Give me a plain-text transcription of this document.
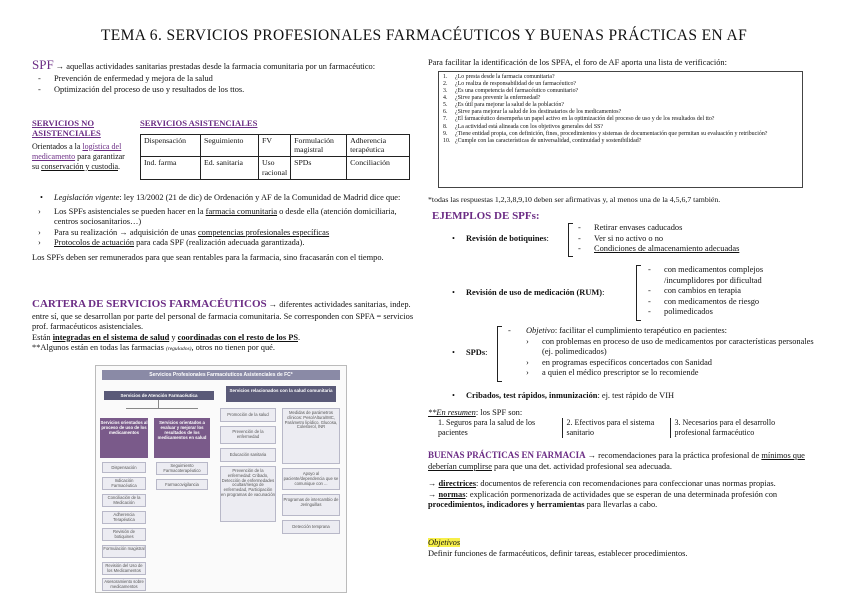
TEMA 6. SERVICIOS PROFESIONALES FARMACÉUTICOS Y BUENAS PRÁCTICAS EN AF
SPF → aquellas actividades sanitarias prestadas desde la farmacia comunitaria por un farmacéutico:
- Prevención de enfermedad y mejora de la salud
- Optimización del proceso de uso y resultados de los ttos.
SERVICIOS NO ASISTENCIALES
Orientados a la logística del medicamento para garantizar su conservación y custodia.
SERVICIOS ASISTENCIALES
Dispensación	Seguimiento	FV	Formulación magistral	Adherencia terapéutica
Ind. farma	Ed. sanitaria	Uso racional	SPDs	Conciliación
• Legislación vigente: ley 13/2002 (21 de dic) de Ordenación y AF de la Comunidad de Madrid dice que:
› Los SPFs asistenciales se pueden hacer en la farmacia comunitaria o desde ella (atención domiciliaria, centros sociosanitarios…)
› Para su realización → adquisición de unas competencias profesionales específicas
› Protocolos de actuación para cada SPF (realización adecuada garantizada).
Los SPFs deben ser remunerados para que sean rentables para la farmacia, sino fracasarán con el tiempo.
CARTERA DE SERVICIOS FARMACÉUTICOS → diferentes actividades sanitarias, indep. entre sí, que se desarrollan por parte del personal de farmacia comunitaria. Se corresponden con SPFA = servicios prof. farmacéuticos asistenciales.
Están integradas en el sistema de salud y coordinadas con el resto de los PS.
**Algunos están en todas las farmacias (regulados), otros no tienen por qué.
Servicios Profesionales Farmacéuticos Asistenciales de FC*
Servicios de Atención Farmacéutica
Servicios relacionados con la salud comunitaria
Servicios orientados al proceso de uso de los medicamentos
Dispensación
Indicación Farmacéutica
Conciliación de la Medicación
Adherencia Terapéutica
Revisión de botiquines
Formulación magistral
Revisión del Uso de los Medicamentos
Asesoramiento sobre medicamentos
Servicios orientados a evaluar y mejorar los resultados de los medicamentos en salud
Seguimiento Farmacoterapéutico
Farmacovigilancia
Promoción de la salud
Prevención de la enfermedad
Educación sanitaria
Prevención de la enfermedad: Cribado, Detección de enfermedades ocultas/riesgo de enfermedad, Participación en programas de vacunación
Medidas de parámetros clínicos: Peso/Altura/IMC, Parámetro lipídico, Glucosa, Colesterol, INR
Apoyo al paciente/dependencia que se comunique con ...
Programas de intercambio de Jeringuillas
Detección temprana
Para facilitar la identificación de los SPFA, el foro de AF aporta una lista de verificación:
1.	¿Lo presta desde la farmacia comunitaria?
2.	¿Lo realiza de responsabilidad de un farmacéutico?
3.	¿Es una competencia del farmacéutico comunitario?
4.	¿Sirve para prevenir la enfermedad?
5.	¿Es útil para mejorar la salud de la población?
6.	¿Sirve para mejorar la salud de los destinatarios de los medicamentos?
7.	¿El farmacéutico desempeña un papel activo en la optimización del proceso de uso y de los resultados del tto?
8.	¿La actividad está alineada con los objetivos generales del SS?
9.	¿Tiene entidad propia, con definición, fines, procedimientos y sistemas de documentación que permitan su evaluación y retribución?
10. ¿Cumple con las características de universalidad, continuidad y sostenibilidad?
*todas las respuestas 1,2,3,8,9,10 deben ser afirmativas y, al menos una de la 4,5,6,7 también.
EJEMPLOS DE SPFs:
• Revisión de botiquines:
- Retirar envases caducados
- Ver si no activo o no
- Condiciones de almacenamiento adecuadas
• Revisión de uso de medicación (RUM):
- con medicamentos complejos /incumplidores por dificultad
- con cambios en terapia
- con medicamentos de riesgo
- polimedicados
• SPDs:
- Objetivo: facilitar el cumplimiento terapéutico en pacientes:
› con problemas en proceso de uso de medicamentos por características personales (ej. polimedicados)
› en programas específicos concertados con Sanidad
› a quien el médico prescriptor se lo recomiende
• Cribados, test rápidos, inmunización: ej. test rápido de VIH
**En resumen: los SPF son:
1. Seguros para la salud de los pacientes	2. Efectivos para el sistema sanitario	3. Necesarios para el desarrollo profesional farmacéutico
BUENAS PRÁCTICAS EN FARMACIA → recomendaciones para la práctica profesional de mínimos que deberían cumplirse para que una det. actividad profesional sea adecuada.
→ directrices: documentos de referencia con recomendaciones para confeccionar unas normas propias.
→ normas: explicación pormenorizada de actividades que se esperan de una determinada profesión con procedimientos, indicadores y herramientas para llevarlas a cabo.
Objetivos
Definir funciones de farmacéuticos, definir tareas, establecer procedimientos.
